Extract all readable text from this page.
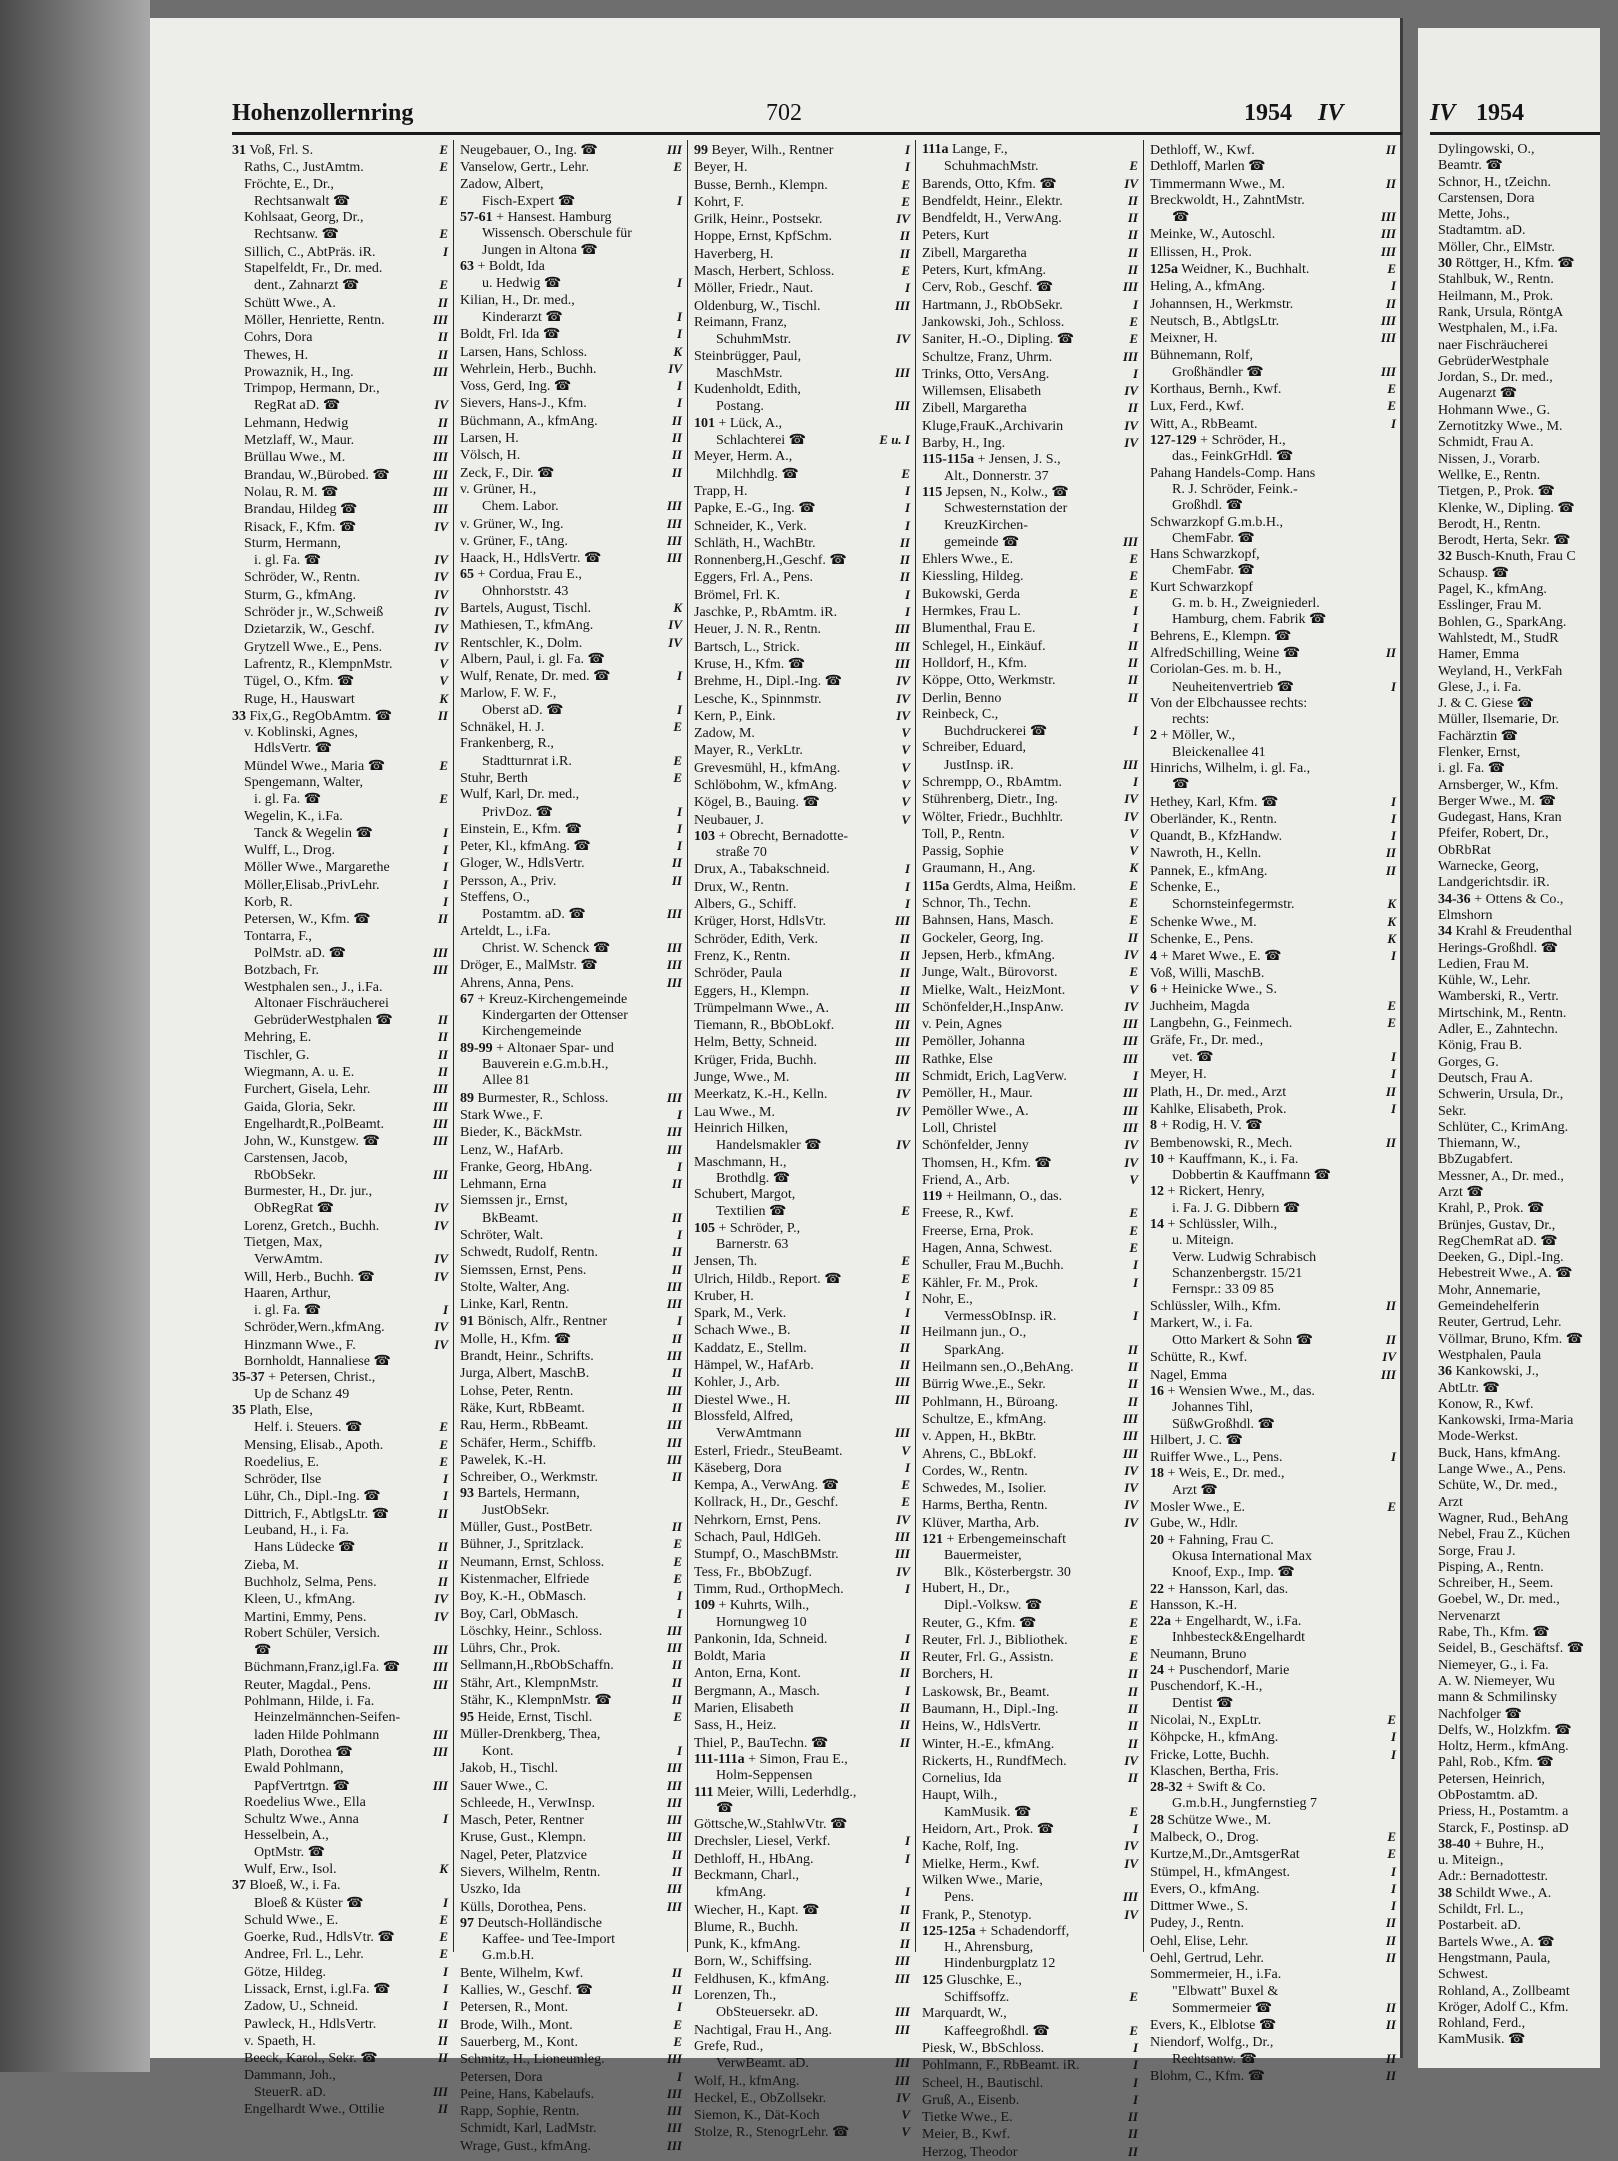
IV 1954
Dylingowski, O.,
Beamtr. ☎
Schnor, H., tZeichn.
Carstensen, Dora
Mette, Johs.,
Stadtamtm. aD.
Möller, Chr., ElMstr.
30 Röttger, H., Kfm. ☎
Stahlbuk, W., Rentn.
Heilmann, M., Prok.
Rank, Ursula, RöntgA
Westphalen, M., i.Fa.
naer Fischräucherei
GebrüderWestphale
Jordan, S., Dr. med.,
Augenarzt ☎
Hohmann Wwe., G.
Zernotitzky Wwe., M.
Schmidt, Frau A.
Nissen, J., Vorarb.
Wellke, E., Rentn.
Tietgen, P., Prok. ☎
Klenke, W., Dipling. ☎
Berodt, H., Rentn.
Berodt, Herta, Sekr. ☎
32 Busch-Knuth, Frau C
Schausp. ☎
Pagel, K., kfmAng.
Esslinger, Frau M.
Bohlen, G., SparkAng.
Wahlstedt, M., StudR
Hamer, Emma
Weyland, H., VerkFah
Glese, J., i. Fa.
J. & C. Giese ☎
Müller, Ilsemarie, Dr.
Fachärztin ☎
Flenker, Ernst,
i. gl. Fa. ☎
Arnsberger, W., Kfm.
Berger Wwe., M. ☎
Gudegast, Hans, Kran
Pfeifer, Robert, Dr.,
ObRbRat
Warnecke, Georg,
Landgerichtsdir. iR.
34-36 + Ottens & Co.,
Elmshorn
34 Krahl & Freudenthal
Herings-Großhdl. ☎
Ledien, Frau M.
Kühle, W., Lehr.
Wamberski, R., Vertr.
Mirtschink, M., Rentn.
Adler, E., Zahntechn.
König, Frau B.
Gorges, G.
Deutsch, Frau A.
Schwerin, Ursula, Dr.,
Sekr.
Schlüter, C., KrimAng.
Thiemann, W.,
BbZugabfert.
Messner, A., Dr. med.,
Arzt ☎
Krahl, P., Prok. ☎
Brünjes, Gustav, Dr.,
RegChemRat aD. ☎
Deeken, G., Dipl.-Ing.
Hebestreit Wwe., A. ☎
Mohr, Annemarie,
Gemeindehelferin
Reuter, Gertrud, Lehr.
Völlmar, Bruno, Kfm. ☎
Westphalen, Paula
36 Kankowski, J.,
AbtLtr. ☎
Konow, R., Kwf.
Kankowski, Irma-Maria
Mode-Werkst.
Buck, Hans, kfmAng.
Lange Wwe., A., Pens.
Schüte, W., Dr. med.,
Arzt
Wagner, Rud., BehAng
Nebel, Frau Z., Küchen
Sorge, Frau J.
Pisping, A., Rentn.
Schreiber, H., Seem.
Goebel, W., Dr. med.,
Nervenarzt
Rabe, Th., Kfm. ☎
Seidel, B., Geschäftsf. ☎
Niemeyer, G., i. Fa.
A. W. Niemeyer, Wu
mann & Schmilinsky
Nachfolger ☎
Delfs, W., Holzkfm. ☎
Holtz, Herm., kfmAng.
Pahl, Rob., Kfm. ☎
Petersen, Heinrich,
ObPostamtm. aD.
Priess, H., Postamtm. a
Starck, F., Postinsp. aD
38-40 + Buhre, H.,
u. Miteign.,
Adr.: Bernadottestr.
38 Schildt Wwe., A.
Schildt, Frl. L.,
Postarbeit. aD.
Bartels Wwe., A. ☎
Hengstmann, Paula,
Schwest.
Rohland, A., Zollbeamt
Kröger, Adolf C., Kfm.
Rohland, Ferd.,
KamMusik. ☎
Hohenzollernring	702	1954 IV
31 Voß, Frl. S.	E
Raths, C., JustAmtm.	E
Fröchte, E., Dr.,
Rechtsanwalt ☎	E
Kohlsaat, Georg, Dr.,
Rechtsanw. ☎	E
Sillich, C., AbtPräs. iR.	I
Stapelfeldt, Fr., Dr. med.
dent., Zahnarzt ☎	E
Schütt Wwe., A.	II
Möller, Henriette, Rentn.	III
Cohrs, Dora	II
Thewes, H.	II
Prowaznik, H., Ing.	III
Trimpop, Hermann, Dr.,
RegRat aD. ☎	IV
Lehmann, Hedwig	II
Metzlaff, W., Maur.	III
Brüllau Wwe., M.	III
Brandau, W.,Bürobed. ☎	III
Nolau, R. M. ☎	III
Brandau, Hildeg ☎	III
Risack, F., Kfm. ☎	IV
Sturm, Hermann,
i. gl. Fa. ☎	IV
Schröder, W., Rentn.	IV
Sturm, G., kfmAng.	IV
Schröder jr., W.,Schweiß	IV
Dzietarzik, W., Geschf.	IV
Grytzell Wwe., E., Pens.	IV
Lafrentz, R., KlempnMstr.	V
Tügel, O., Kfm. ☎	V
Ruge, H., Hauswart	K
33 Fix,G., RegObAmtm. ☎	II
v. Koblinski, Agnes,
HdlsVertr. ☎
Mündel Wwe., Maria ☎	E
Spengemann, Walter,
i. gl. Fa. ☎	E
Wegelin, K., i.Fa.
Tanck & Wegelin ☎	I
Wulff, L., Drog.	I
Möller Wwe., Margarethe	I
Möller,Elisab.,PrivLehr.	I
Korb, R.	I
Petersen, W., Kfm. ☎	II
Tontarra, F.,
PolMstr. aD. ☎	III
Botzbach, Fr.	III
Westphalen sen., J., i.Fa.
Altonaer Fischräucherei
GebrüderWestphalen ☎	II
Mehring, E.	II
Tischler, G.	II
Wiegmann, A. u. E.	II
Furchert, Gisela, Lehr.	III
Gaida, Gloria, Sekr.	III
Engelhardt,R.,PolBeamt.	III
John, W., Kunstgew. ☎	III
Carstensen, Jacob,
RbObSekr.	III
Burmester, H., Dr. jur.,
ObRegRat ☎	IV
Lorenz, Gretch., Buchh.	IV
Tietgen, Max,
VerwAmtm.	IV
Will, Herb., Buchh. ☎	IV
Haaren, Arthur,
i. gl. Fa. ☎	I
Schröder,Wern.,kfmAng.	IV
Hinzmann Wwe., F.	IV
Bornholdt, Hannaliese ☎
35-37 + Petersen, Christ.,
Up de Schanz 49
35 Plath, Else,
Helf. i. Steuers. ☎	E
Mensing, Elisab., Apoth.	E
Roedelius, E.	E
Schröder, Ilse	I
Lühr, Ch., Dipl.-Ing. ☎	I
Dittrich, F., AbtlgsLtr. ☎	II
Leuband, H., i. Fa.
Hans Lüdecke ☎	II
Zieba, M.	II
Buchholz, Selma, Pens.	II
Kleen, U., kfmAng.	IV
Martini, Emmy, Pens.	IV
Robert Schüler, Versich.
☎	III
Büchmann,Franz,igl.Fa. ☎	III
Reuter, Magdal., Pens.	III
Pohlmann, Hilde, i. Fa.
Heinzelmännchen-Seifen-
laden Hilde Pohlmann	III
Plath, Dorothea ☎	III
Ewald Pohlmann,
PapfVertrtgn. ☎	III
Roedelius Wwe., Ella
Schultz Wwe., Anna	I
Hesselbein, A.,
OptMstr. ☎
Wulf, Erw., Isol.	K
37 Bloeß, W., i. Fa.
Bloeß & Küster ☎	I
Schuld Wwe., E.	E
Goerke, Rud., HdlsVtr. ☎	E
Andree, Frl. L., Lehr.	E
Götze, Hildeg.	I
Lissack, Ernst, i.gl.Fa. ☎	I
Zadow, U., Schneid.	I
Pawleck, H., HdlsVertr.	II
v. Spaeth, H.	II
Beeck, Karol., Sekr. ☎	II
Dammann, Joh.,
SteuerR. aD.	III
Engelhardt Wwe., Ottilie	II
Neugebauer, O., Ing. ☎	III
Vanselow, Gertr., Lehr.	E
Zadow, Albert,
Fisch-Expert ☎	I
57-61 + Hansest. Hamburg
Wissensch. Oberschule für
Jungen in Altona ☎
63 + Boldt, Ida
u. Hedwig ☎	I
Kilian, H., Dr. med.,
Kinderarzt ☎	I
Boldt, Frl. Ida ☎	I
Larsen, Hans, Schloss.	K
Wehrlein, Herb., Buchh.	IV
Voss, Gerd, Ing. ☎	I
Sievers, Hans-J., Kfm.	I
Büchmann, A., kfmAng.	II
Larsen, H.	II
Völsch, H.	II
Zeck, F., Dir. ☎	II
v. Grüner, H.,
Chem. Labor.	III
v. Grüner, W., Ing.	III
v. Grüner, F., tAng.	III
Haack, H., HdlsVertr. ☎	III
65 + Cordua, Frau E.,
Ohnhorststr. 43
Bartels, August, Tischl.	K
Mathiesen, T., kfmAng.	IV
Rentschler, K., Dolm.	IV
Albern, Paul, i. gl. Fa. ☎
Wulf, Renate, Dr. med. ☎	I
Marlow, F. W. F.,
Oberst aD. ☎	I
Schnäkel, H. J.	E
Frankenberg, R.,
Stadtturnrat i.R.	E
Stuhr, Berth	E
Wulf, Karl, Dr. med.,
PrivDoz. ☎	I
Einstein, E., Kfm. ☎	I
Peter, Kl., kfmAng. ☎	I
Gloger, W., HdlsVertr.	II
Persson, A., Priv.	II
Steffens, O.,
Postamtm. aD. ☎	III
Arteldt, L., i.Fa.
Christ. W. Schenck ☎	III
Dröger, E., MalMstr. ☎	III
Ahrens, Anna, Pens.	III
67 + Kreuz-Kirchengemeinde
Kindergarten der Ottenser
Kirchengemeinde
89-99 + Altonaer Spar- und
Bauverein e.G.m.b.H.,
Allee 81
89 Burmester, R., Schloss.	III
Stark Wwe., F.	I
Bieder, K., BäckMstr.	III
Lenz, W., HafArb.	III
Franke, Georg, HbAng.	I
Lehmann, Erna	II
Siemssen jr., Ernst,
BkBeamt.	II
Schröter, Walt.	I
Schwedt, Rudolf, Rentn.	II
Siemssen, Ernst, Pens.	II
Stolte, Walter, Ang.	III
Linke, Karl, Rentn.	III
91 Bönisch, Alfr., Rentner	I
Molle, H., Kfm. ☎	II
Brandt, Heinr., Schrifts.	III
Jurga, Albert, MaschB.	II
Lohse, Peter, Rentn.	III
Räke, Kurt, RbBeamt.	II
Rau, Herm., RbBeamt.	III
Schäfer, Herm., Schiffb.	III
Pawelek, K.-H.	III
Schreiber, O., Werkmstr.	II
93 Bartels, Hermann,
JustObSekr.
Müller, Gust., PostBetr.	II
Bühner, J., Spritzlack.	E
Neumann, Ernst, Schloss.	E
Kistenmacher, Elfriede	E
Boy, K.-H., ObMasch.	I
Boy, Carl, ObMasch.	I
Löschky, Heinr., Schloss.	III
Lührs, Chr., Prok.	III
Sellmann,H.,RbObSchaffn.	II
Stähr, Art., KlempnMstr.	II
Stähr, K., KlempnMstr. ☎	II
95 Heide, Ernst, Tischl.	E
Müller-Drenkberg, Thea,
Kont.	I
Jakob, H., Tischl.	III
Sauer Wwe., C.	III
Schleede, H., VerwInsp.	III
Masch, Peter, Rentner	III
Kruse, Gust., Klempn.	III
Nagel, Peter, Platzvice	II
Sievers, Wilhelm, Rentn.	II
Uszko, Ida	III
Külls, Dorothea, Pens.	III
97 Deutsch-Holländische
Kaffee- und Tee-Import
G.m.b.H.
Bente, Wilhelm, Kwf.	II
Kallies, W., Geschf. ☎	II
Petersen, R., Mont.	I
Brode, Wilh., Mont.	E
Sauerberg, M., Kont.	E
Schmitz, H., Lioneumleg.	III
Petersen, Dora	I
Peine, Hans, Kabelaufs.	III
Rapp, Sophie, Rentn.	III
Schmidt, Karl, LadMstr.	III
Wrage, Gust., kfmAng.	III
99 Beyer, Wilh., Rentner	I
Beyer, H.	I
Busse, Bernh., Klempn.	E
Kohrt, F.	E
Grilk, Heinr., Postsekr.	IV
Hoppe, Ernst, KpfSchm.	II
Haverberg, H.	II
Masch, Herbert, Schloss.	E
Möller, Friedr., Naut.	I
Oldenburg, W., Tischl.	III
Reimann, Franz,
SchuhmMstr.	IV
Steinbrügger, Paul,
MaschMstr.	III
Kudenholdt, Edith,
Postang.	III
101 + Lück, A.,
Schlachterei ☎	E u. I
Meyer, Herm. A.,
Milchhdlg. ☎	E
Trapp, H.	I
Papke, E.-G., Ing. ☎	I
Schneider, K., Verk.	I
Schläth, H., WachBtr.	II
Ronnenberg,H.,Geschf. ☎	II
Eggers, Frl. A., Pens.	II
Brömel, Frl. K.	I
Jaschke, P., RbAmtm. iR.	I
Heuer, J. N. R., Rentn.	III
Bartsch, L., Strick.	III
Kruse, H., Kfm. ☎	III
Brehme, H., Dipl.-Ing. ☎	IV
Lesche, K., Spinnmstr.	IV
Kern, P., Eink.	IV
Zadow, M.	V
Mayer, R., VerkLtr.	V
Grevesmühl, H., kfmAng.	V
Schlöbohm, W., kfmAng.	V
Kögel, B., Bauing. ☎	V
Neubauer, J.	V
103 + Obrecht, Bernadotte-
straße 70
Drux, A., Tabakschneid.	I
Drux, W., Rentn.	I
Albers, G., Schiff.	I
Krüger, Horst, HdlsVtr.	III
Schröder, Edith, Verk.	II
Frenz, K., Rentn.	II
Schröder, Paula	II
Eggers, H., Klempn.	II
Trümpelmann Wwe., A.	III
Tiemann, R., BbObLokf.	III
Helm, Betty, Schneid.	III
Krüger, Frida, Buchh.	III
Junge, Wwe., M.	III
Meerkatz, K.-H., Kelln.	IV
Lau Wwe., M.	IV
Heinrich Hilken,
Handelsmakler ☎	IV
Maschmann, H.,
Brothdlg. ☎
Schubert, Margot,
Textilien ☎	E
105 + Schröder, P.,
Barnerstr. 63
Jensen, Th.	E
Ulrich, Hildb., Report. ☎	E
Kruber, H.	I
Spark, M., Verk.	I
Schach Wwe., B.	II
Kaddatz, E., Stellm.	II
Hämpel, W., HafArb.	II
Kohler, J., Arb.	III
Diestel Wwe., H.	III
Blossfeld, Alfred,
VerwAmtmann	III
Esterl, Friedr., SteuBeamt.	V
Käseberg, Dora	I
Kempa, A., VerwAng. ☎	E
Kollrack, H., Dr., Geschf.	E
Nehrkorn, Ernst, Pens.	IV
Schach, Paul, HdlGeh.	III
Stumpf, O., MaschBMstr.	III
Tess, Fr., BbObZugf.	IV
Timm, Rud., OrthopMech.	I
109 + Kuhrts, Wilh.,
Hornungweg 10
Pankonin, Ida, Schneid.	I
Boldt, Maria	II
Anton, Erna, Kont.	II
Bergmann, A., Masch.	I
Marien, Elisabeth	II
Sass, H., Heiz.	II
Thiel, P., BauTechn. ☎	II
111-111a + Simon, Frau E.,
Holm-Seppensen
111 Meier, Willi, Lederhdlg.,
☎
Göttsche,W.,StahlwVtr. ☎
Drechsler, Liesel, Verkf.	I
Dethloff, H., HbAng.	I
Beckmann, Charl.,
kfmAng.	I
Wiecher, H., Kapt. ☎	II
Blume, R., Buchh.	II
Punk, K., kfmAng.	II
Born, W., Schiffsing.	III
Feldhusen, K., kfmAng.	III
Lorenzen, Th.,
ObSteuersekr. aD.	III
Nachtigal, Frau H., Ang.	III
Grefe, Rud.,
VerwBeamt. aD.	III
Wolf, H., kfmAng.	III
Heckel, E., ObZollsekr.	IV
Siemon, K., Dät-Koch	V
Stolze, R., StenogrLehr. ☎	V
111a Lange, F.,
SchuhmachMstr.	E
Barends, Otto, Kfm. ☎	IV
Bendfeldt, Heinr., Elektr.	II
Bendfeldt, H., VerwAng.	II
Peters, Kurt	II
Zibell, Margaretha	II
Peters, Kurt, kfmAng.	II
Cerv, Rob., Geschf. ☎	III
Hartmann, J., RbObSekr.	I
Jankowski, Joh., Schloss.	E
Saniter, H.-O., Dipling. ☎	E
Schultze, Franz, Uhrm.	III
Trinks, Otto, VersAng.	I
Willemsen, Elisabeth	IV
Zibell, Margaretha	II
Kluge,FrauK.,Archivarin	IV
Barby, H., Ing.	IV
115-115a + Jensen, J. S.,
Alt., Donnerstr. 37
115 Jepsen, N., Kolw., ☎
Schwesternstation der
KreuzKirchen-
gemeinde ☎	III
Ehlers Wwe., E.	E
Kiessling, Hildeg.	E
Bukowski, Gerda	E
Hermkes, Frau L.	I
Blumenthal, Frau E.	I
Schlegel, H., Einkäuf.	II
Holldorf, H., Kfm.	II
Köppe, Otto, Werkmstr.	II
Derlin, Benno	II
Reinbeck, C.,
Buchdruckerei ☎	I
Schreiber, Eduard,
JustInsp. iR.	III
Schrempp, O., RbAmtm.	I
Stührenberg, Dietr., Ing.	IV
Wölter, Friedr., Buchhltr.	IV
Toll, P., Rentn.	V
Passig, Sophie	V
Graumann, H., Ang.	K
115a Gerdts, Alma, Heißm.	E
Schnor, Th., Techn.	E
Bahnsen, Hans, Masch.	E
Gockeler, Georg, Ing.	II
Jepsen, Herb., kfmAng.	IV
Junge, Walt., Bürovorst.	E
Mielke, Walt., HeizMont.	V
Schönfelder,H.,InspAnw.	IV
v. Pein, Agnes	III
Pemöller, Johanna	III
Rathke, Else	III
Schmidt, Erich, LagVerw.	I
Pemöller, H., Maur.	III
Pemöller Wwe., A.	III
Loll, Christel	III
Schönfelder, Jenny	IV
Thomsen, H., Kfm. ☎	IV
Friend, A., Arb.	V
119 + Heilmann, O., das.
Freese, R., Kwf.	E
Freerse, Erna, Prok.	E
Hagen, Anna, Schwest.	E
Schuller, Frau M.,Buchh.	I
Kähler, Fr. M., Prok.	I
Nohr, E.,
VermessObInsp. iR.	I
Heilmann jun., O.,
SparkAng.	II
Heilmann sen.,O.,BehAng.	II
Bürrig Wwe.,E., Sekr.	II
Pohlmann, H., Büroang.	II
Schultze, E., kfmAng.	III
v. Appen, H., BkBtr.	III
Ahrens, C., BbLokf.	III
Cordes, W., Rentn.	IV
Schwedes, M., Isolier.	IV
Harms, Bertha, Rentn.	IV
Klüver, Martha, Arb.	IV
121 + Erbengemeinschaft
Bauermeister,
Blk., Kösterbergstr. 30
Hubert, H., Dr.,
Dipl.-Volksw. ☎	E
Reuter, G., Kfm. ☎	E
Reuter, Frl. J., Bibliothek.	E
Reuter, Frl. G., Assistn.	E
Borchers, H.	II
Laskowsk, Br., Beamt.	II
Baumann, H., Dipl.-Ing.	II
Heins, W., HdlsVertr.	II
Winter, H.-E., kfmAng.	II
Rickerts, H., RundfMech.	IV
Cornelius, Ida	II
Haupt, Wilh.,
KamMusik. ☎	E
Heidorn, Art., Prok. ☎	I
Kache, Rolf, Ing.	IV
Mielke, Herm., Kwf.	IV
Wilken Wwe., Marie,
Pens.	III
Frank, P., Stenotyp.	IV
125-125a + Schadendorff,
H., Ahrensburg,
Hindenburgplatz 12
125 Gluschke, E.,
Schiffsoffz.	E
Marquardt, W.,
Kaffeegroßhdl. ☎	E
Piesk, W., BbSchloss.	I
Pohlmann, F., RbBeamt. iR.	I
Scheel, H., Bautischl.	I
Gruß, A., Eisenb.	I
Tietke Wwe., E.	II
Meier, B., Kwf.	II
Herzog, Theodor	II
Dethloff, W., Kwf.	II
Dethloff, Marlen ☎
Timmermann Wwe., M.	II
Breckwoldt, H., ZahntMstr.
☎	III
Meinke, W., Autoschl.	III
Ellissen, H., Prok.	III
125a Weidner, K., Buchhalt.	E
Heling, A., kfmAng.	I
Johannsen, H., Werkmstr.	II
Neutsch, B., AbtlgsLtr.	III
Meixner, H.	III
Bühnemann, Rolf,
Großhändler ☎	III
Korthaus, Bernh., Kwf.	E
Lux, Ferd., Kwf.	E
Witt, A., RbBeamt.	I
127-129 + Schröder, H.,
das., FeinkGrHdl. ☎
Pahang Handels-Comp. Hans
R. J. Schröder, Feink.-
Großhdl. ☎
Schwarzkopf G.m.b.H.,
ChemFabr. ☎
Hans Schwarzkopf,
ChemFabr. ☎
Kurt Schwarzkopf
G. m. b. H., Zweigniederl.
Hamburg, chem. Fabrik ☎
Behrens, E., Klempn. ☎
AlfredSchilling, Weine ☎	II
Coriolan-Ges. m. b. H.,
Neuheitenvertrieb ☎	I
Von der Elbchaussee rechts:
rechts:
2 + Möller, W.,
Bleickenallee 41
Hinrichs, Wilhelm, i. gl. Fa.,
☎
Hethey, Karl, Kfm. ☎	I
Oberländer, K., Rentn.	I
Quandt, B., KfzHandw.	I
Nawroth, H., Kelln.	II
Pannek, E., kfmAng.	II
Schenke, E.,
Schornsteinfegermstr.	K
Schenke Wwe., M.	K
Schenke, E., Pens.	K
4 + Maret Wwe., E. ☎	I
Voß, Willi, MaschB.
6 + Heinicke Wwe., S.
Juchheim, Magda	E
Langbehn, G., Feinmech.	E
Gräfe, Fr., Dr. med.,
vet. ☎	I
Meyer, H.	I
Plath, H., Dr. med., Arzt	II
Kahlke, Elisabeth, Prok.	I
8 + Rodig, H. V. ☎
Bembenowski, R., Mech.	II
10 + Kauffmann, K., i. Fa.
Dobbertin & Kauffmann ☎
12 + Rickert, Henry,
i. Fa. J. G. Dibbern ☎
14 + Schlüssler, Wilh.,
u. Miteign.
Verw. Ludwig Schrabisch
Schanzenbergstr. 15/21
Fernspr.: 33 09 85
Schlüssler, Wilh., Kfm.	II
Markert, W., i. Fa.
Otto Markert & Sohn ☎	II
Schütte, R., Kwf.	IV
Nagel, Emma	III
16 + Wensien Wwe., M., das.
Johannes Tihl,
SüßwGroßhdl. ☎
Hilbert, J. C. ☎
Ruiffer Wwe., L., Pens.	I
18 + Weis, E., Dr. med.,
Arzt ☎
Mosler Wwe., E.	E
Gube, W., Hdlr.
20 + Fahning, Frau C.
Okusa International Max
Knoof, Exp., Imp. ☎
22 + Hansson, Karl, das.
Hansson, K.-H.
22a + Engelhardt, W., i.Fa.
Inhbesteck&Engelhardt
Neumann, Bruno
24 + Puschendorf, Marie
Puschendorf, K.-H.,
Dentist ☎
Nicolai, N., ExpLtr.	E
Köhpcke, H., kfmAng.	I
Fricke, Lotte, Buchh.	I
Klaschen, Bertha, Fris.
28-32 + Swift & Co.
G.m.b.H., Jungfernstieg 7
28 Schütze Wwe., M.
Malbeck, O., Drog.	E
Kurtze,M.,Dr.,AmtsgerRat	E
Stümpel, H., kfmAngest.	I
Evers, O., kfmAng.	I
Dittmer Wwe., S.	I
Pudey, J., Rentn.	II
Oehl, Elise, Lehr.	II
Oehl, Gertrud, Lehr.	II
Sommermeier, H., i.Fa.
"Elbwatt" Buxel &
Sommermeier ☎	II
Evers, K., Elblotse ☎	II
Niendorf, Wolfg., Dr.,
Rechtsanw. ☎	II
Blohm, C., Kfm. ☎	II
